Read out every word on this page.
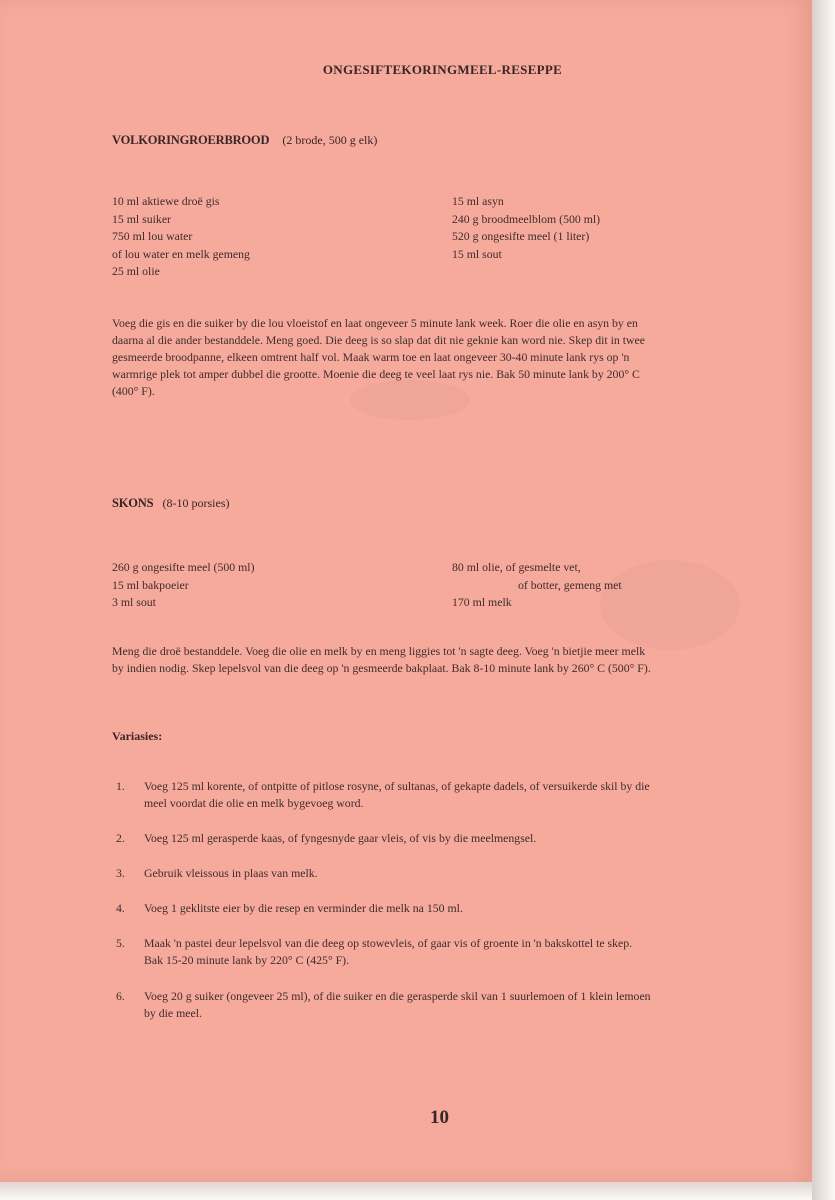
ONGESIFTEKORINGMEEL-RESEPPE
VOLKORINGROERBROOD (2 brode, 500 g elk)
10 ml aktiewe droë gis
15 ml suiker
750 ml lou water
of lou water en melk gemeng
25 ml olie
15 ml asyn
240 g broodmeelblom (500 ml)
520 g ongesifte meel (1 liter)
15 ml sout
Voeg die gis en die suiker by die lou vloeistof en laat ongeveer 5 minute lank week. Roer die olie en asyn by en
daarna al die ander bestanddele. Meng goed. Die deeg is so slap dat dit nie geknie kan word nie. Skep dit in twee
gesmeerde broodpanne, elkeen omtrent half vol. Maak warm toe en laat ongeveer 30-40 minute lank rys op 'n
warmrige plek tot amper dubbel die grootte. Moenie die deeg te veel laat rys nie. Bak 50 minute lank by 200° C
(400° F).
SKONS (8-10 porsies)
260 g ongesifte meel (500 ml)
15 ml bakpoeier
3 ml sout
80 ml olie, of gesmelte vet,
of botter, gemeng met
170 ml melk
Meng die droë bestanddele. Voeg die olie en melk by en meng liggies tot 'n sagte deeg. Voeg 'n bietjie meer melk
by indien nodig. Skep lepelsvol van die deeg op 'n gesmeerde bakplaat. Bak 8-10 minute lank by 260° C (500° F).
Variasies:
1.	Voeg 125 ml korente, of ontpitte of pitlose rosyne, of sultanas, of gekapte dadels, of versuikerde skil by die
meel voordat die olie en melk bygevoeg word.
2.	Voeg 125 ml gerasperde kaas, of fyngesnyde gaar vleis, of vis by die meelmengsel.
3.	Gebruik vleissous in plaas van melk.
4.	Voeg 1 geklitste eier by die resep en verminder die melk na 150 ml.
5.	Maak 'n pastei deur lepelsvol van die deeg op stowevleis, of gaar vis of groente in 'n bakskottel te skep.
Bak 15-20 minute lank by 220° C (425° F).
6.	Voeg 20 g suiker (ongeveer 25 ml), of die suiker en die gerasperde skil van 1 suurlemoen of 1 klein lemoen
by die meel.
10
